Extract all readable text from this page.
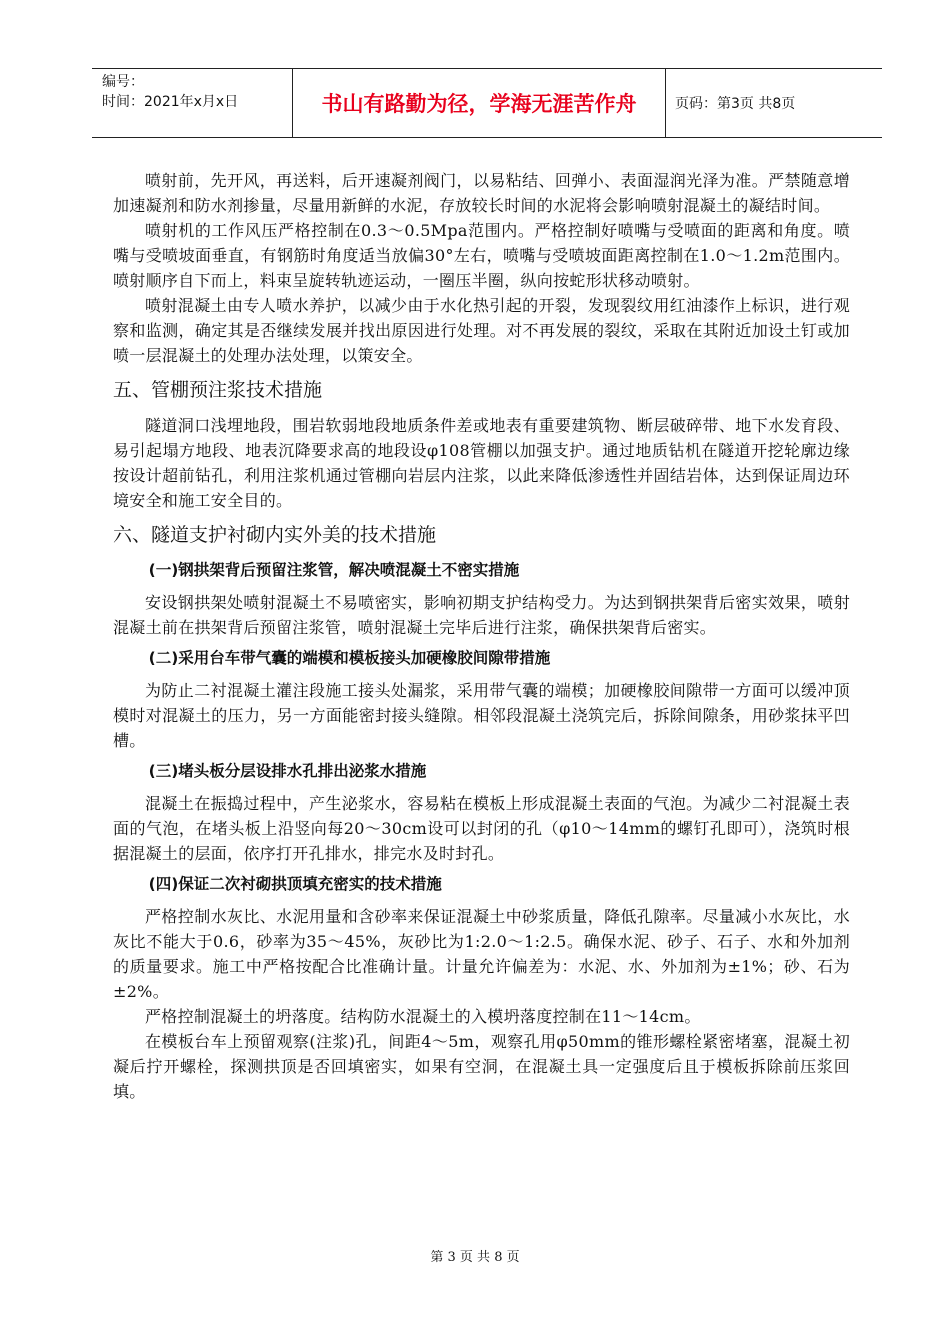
编号：
时间：2021年x月x日	书山有路勤为径，学海无涯苦作舟	页码：第3页 共8页

喷射前，先开风，再送料，后开速凝剂阀门，以易粘结、回弹小、表面湿润光泽为准。严禁随意增加速凝剂和防水剂掺量，尽量用新鲜的水泥，存放较长时间的水泥将会影响喷射混凝土的凝结时间。

喷射机的工作风压严格控制在0.3～0.5Mpa范围内。严格控制好喷嘴与受喷面的距离和角度。喷嘴与受喷坡面垂直，有钢筋时角度适当放偏30°左右，喷嘴与受喷坡面距离控制在1.0～1.2m范围内。喷射顺序自下而上，料束呈旋转轨迹运动，一圈压半圈，纵向按蛇形状移动喷射。

喷射混凝土由专人喷水养护，以减少由于水化热引起的开裂，发现裂纹用红油漆作上标识，进行观察和监测，确定其是否继续发展并找出原因进行处理。对不再发展的裂纹，采取在其附近加设土钉或加喷一层混凝土的处理办法处理，以策安全。

五、管棚预注浆技术措施

隧道洞口浅埋地段，围岩软弱地段地质条件差或地表有重要建筑物、断层破碎带、地下水发育段、易引起塌方地段、地表沉降要求高的地段设φ108管棚以加强支护。通过地质钻机在隧道开挖轮廓边缘按设计超前钻孔，利用注浆机通过管棚向岩层内注浆，以此来降低渗透性并固结岩体，达到保证周边环境安全和施工安全目的。

六、隧道支护衬砌内实外美的技术措施
(一)钢拱架背后预留注浆管，解决喷混凝土不密实措施

安设钢拱架处喷射混凝土不易喷密实，影响初期支护结构受力。为达到钢拱架背后密实效果，喷射混凝土前在拱架背后预留注浆管，喷射混凝土完毕后进行注浆，确保拱架背后密实。

(二)采用台车带气囊的端模和模板接头加硬橡胶间隙带措施

为防止二衬混凝土灌注段施工接头处漏浆，采用带气囊的端模；加硬橡胶间隙带一方面可以缓冲顶模时对混凝土的压力，另一方面能密封接头缝隙。相邻段混凝土浇筑完后，拆除间隙条，用砂浆抹平凹槽。

(三)堵头板分层设排水孔排出泌浆水措施

混凝土在振捣过程中，产生泌浆水，容易粘在模板上形成混凝土表面的气泡。为减少二衬混凝土表面的气泡，在堵头板上沿竖向每20～30cm设可以封闭的孔（φ10～14mm的螺钉孔即可），浇筑时根据混凝土的层面，依序打开孔排水，排完水及时封孔。

(四)保证二次衬砌拱顶填充密实的技术措施

严格控制水灰比、水泥用量和含砂率来保证混凝土中砂浆质量，降低孔隙率。尽量减小水灰比，水灰比不能大于0.6，砂率为35～45%，灰砂比为1:2.0～1:2.5。确保水泥、砂子、石子、水和外加剂的质量要求。施工中严格按配合比准确计量。计量允许偏差为：水泥、水、外加剂为±1%；砂、石为±2%。

严格控制混凝土的坍落度。结构防水混凝土的入模坍落度控制在11～14cm。

在模板台车上预留观察(注浆)孔，间距4～5m，观察孔用φ50mm的锥形螺栓紧密堵塞，混凝土初凝后拧开螺栓，探测拱顶是否回填密实，如果有空洞，在混凝土具一定强度后且于模板拆除前压浆回填。

第 3 页 共 8 页
